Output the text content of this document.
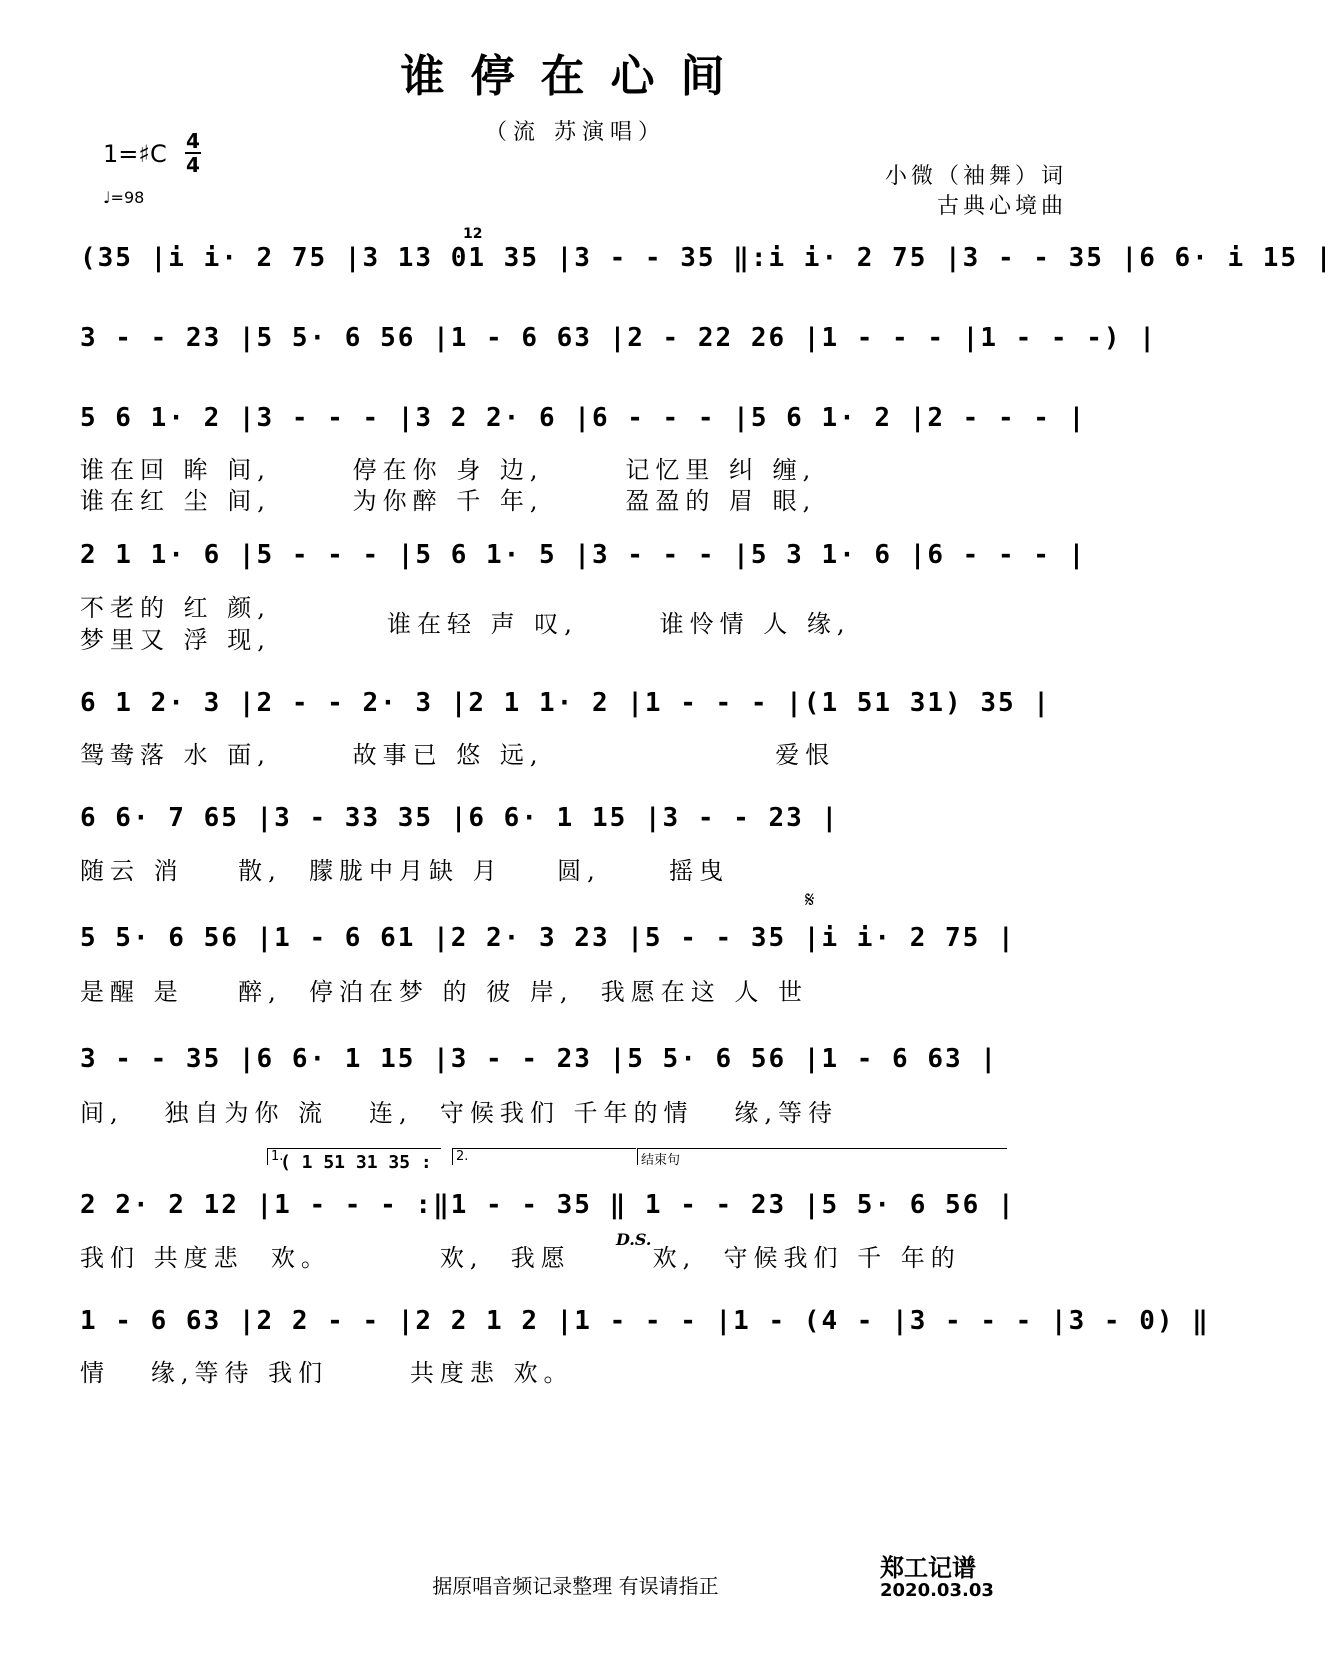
谁停在心间
（流 苏演唱）
1=♯C 4
4
♩=98
小微（袖舞）词
古典心境曲
(35 |i i· 2 75 |3 13 01 35 |3 - - 35 ‖:i i· 2 75 |3 - - 35 |6 6· i 15 |
12
3 - - 23 |5 5· 6 56 |1 - 6 63 |2 - 22 26 |1 - - - |1 - - -) |
5 6 1· 2 |3 - - - |3 2 2· 6 |6 - - - |5 6 1· 2 |2 - - - |
谁在回 眸 间,      停在你 身 边,      记忆里 纠 缠,
谁在红 尘 间,      为你醉 千 年,      盈盈的 眉 眼,
2 1 1· 6 |5 - - - |5 6 1· 5 |3 - - - |5 3 1· 6 |6 - - - |
不老的 红 颜,
梦里又 浮 现,
谁在轻 声 叹,      谁怜情 人 缘,
6 1 2· 3 |2 - - 2· 3 |2 1 1· 2 |1 - - - |(1 51 31) 35 |
鸳鸯落 水 面,      故事已 悠 远,                 爱恨
6 6· 7 65 |3 - 33 35 |6 6· 1 15 |3 - - 23 |
随云 消    散,  朦胧中月缺 月    圆,     摇曳
𝄋
5 5· 6 56 |1 - 6 61 |2 2· 3 23 |5 - - 35 |i i· 2 75 |
是醒 是    醉,  停泊在梦 的 彼 岸,  我愿在这 人 世
3 - - 35 |6 6· 1 15 |3 - - 23 |5 5· 6 56 |1 - 6 63 |
间,   独自为你 流   连,  守候我们 千年的情   缘,等待
1.	2.	结束句
( 1 51 31 35 :
2 2· 2 12 |1 - - - :‖1 - - 35 ‖ 1 - - 23 |5 5· 6 56 |
D.S.
我们 共度悲  欢。        欢,  我愿      欢,  守候我们 千 年的
1 - 6 63 |2 2 - - |2 2 1 2 |1 - - - |1 - (4 - |3 - - - |3 - 0) ‖
情   缘,等待 我们      共度悲 欢。
郑工记谱
据原唱音频记录整理 有误请指正	2020.03.03
